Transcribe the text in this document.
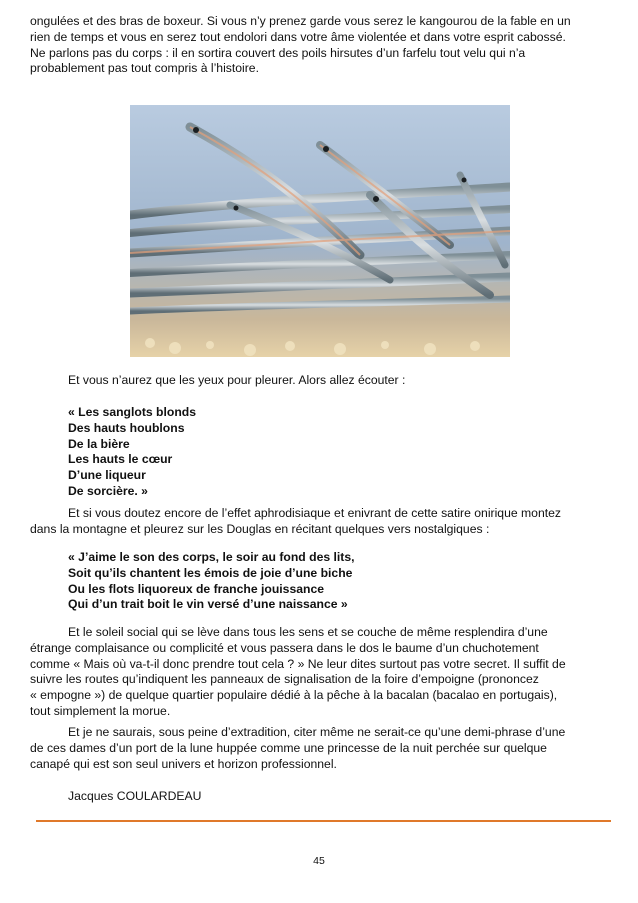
ongulées et des bras de boxeur. Si vous n’y prenez garde vous serez le kangourou de la fable en un

rien de temps et vous en serez tout endolori dans votre âme violentée et dans votre esprit cabossé.

Ne parlons pas du corps : il en sortira couvert des poils hirsutes d’un farfelu tout velu qui n’a

probablement pas tout compris à l’histoire.

Et vous n’aurez que les yeux pour pleurer. Alors allez écouter :

« Les sanglots blonds

Des hauts houblons

De la bière

Les hauts le cœur

D’une liqueur

De sorcière. »

Et si vous doutez encore de l’effet aphrodisiaque et enivrant de cette satire onirique montez

dans la montagne et pleurez sur les Douglas en récitant quelques vers nostalgiques :

« J’aime le son des corps, le soir au fond des lits,

Soit qu’ils chantent les émois de joie d’une biche

Ou les flots liquoreux de franche jouissance

Qui d’un trait boit le vin versé d’une naissance »

Et le soleil social qui se lève dans tous les sens et se couche de même resplendira d’une

étrange complaisance ou complicité et vous passera dans le dos le baume d’un chuchotement

comme « Mais où va-t-il donc prendre tout cela ? » Ne leur dites surtout pas votre secret. Il suffit de

suivre les routes qu’indiquent les panneaux de signalisation de la foire d’empoigne (prononcez

« empogne ») de quelque quartier populaire dédié à la pêche à la bacalan (bacalao en portugais),

tout simplement la morue.

Et je ne saurais, sous peine d’extradition, citer même ne serait-ce qu’une demi-phrase d’une

de ces dames d’un port de la lune huppée comme une princesse de la nuit perchée sur quelque

canapé qui est son seul univers et horizon professionnel.

Jacques COULARDEAU

45
